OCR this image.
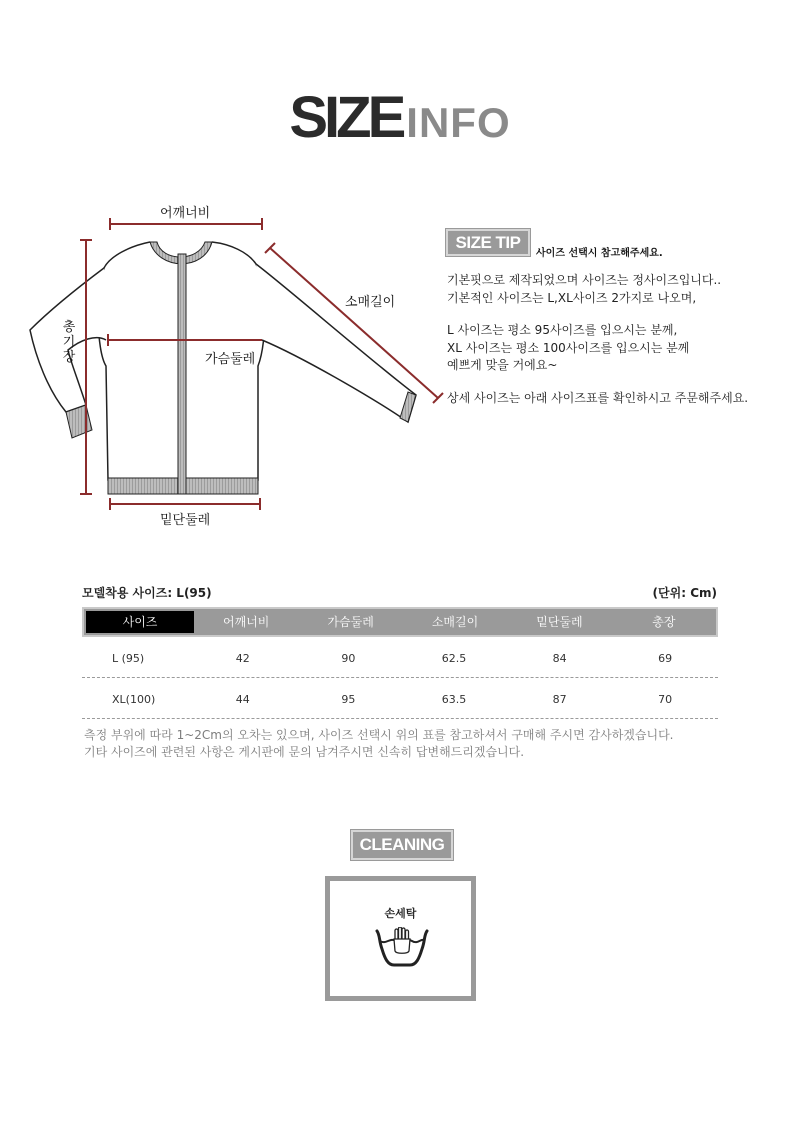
SIZEINFO
어깨너비
소매길이
총
기
장	가슴둘레
밑단둘레
SIZE TIP
사이즈 선택시 참고해주세요.
기본핏으로 제작되었으며 사이즈는 정사이즈입니다..
기본적인 사이즈는 L,XL사이즈 2가지로 나오며,
L 사이즈는 평소 95사이즈를 입으시는 분께,
XL 사이즈는 평소 100사이즈를 입으시는 분께
예쁘게 맞을 거에요~
상세 사이즈는 아래 사이즈표를 확인하시고 주문해주세요.
모델착용 사이즈: L(95)	(단위: Cm)
사이즈	어깨너비	가슴둘레	소매길이	밑단둘레	총장
L (95)	42	90	62.5	84	69
XL(100)	44	95	63.5	87	70
측정 부위에 따라 1~2Cm의 오차는 있으며, 사이즈 선택시 위의 표를 참고하셔서 구매해 주시면 감사하겠습니다.
기타 사이즈에 관련된 사항은 게시판에 문의 남겨주시면 신속히 답변해드리겠습니다.
CLEANING
손세탁
